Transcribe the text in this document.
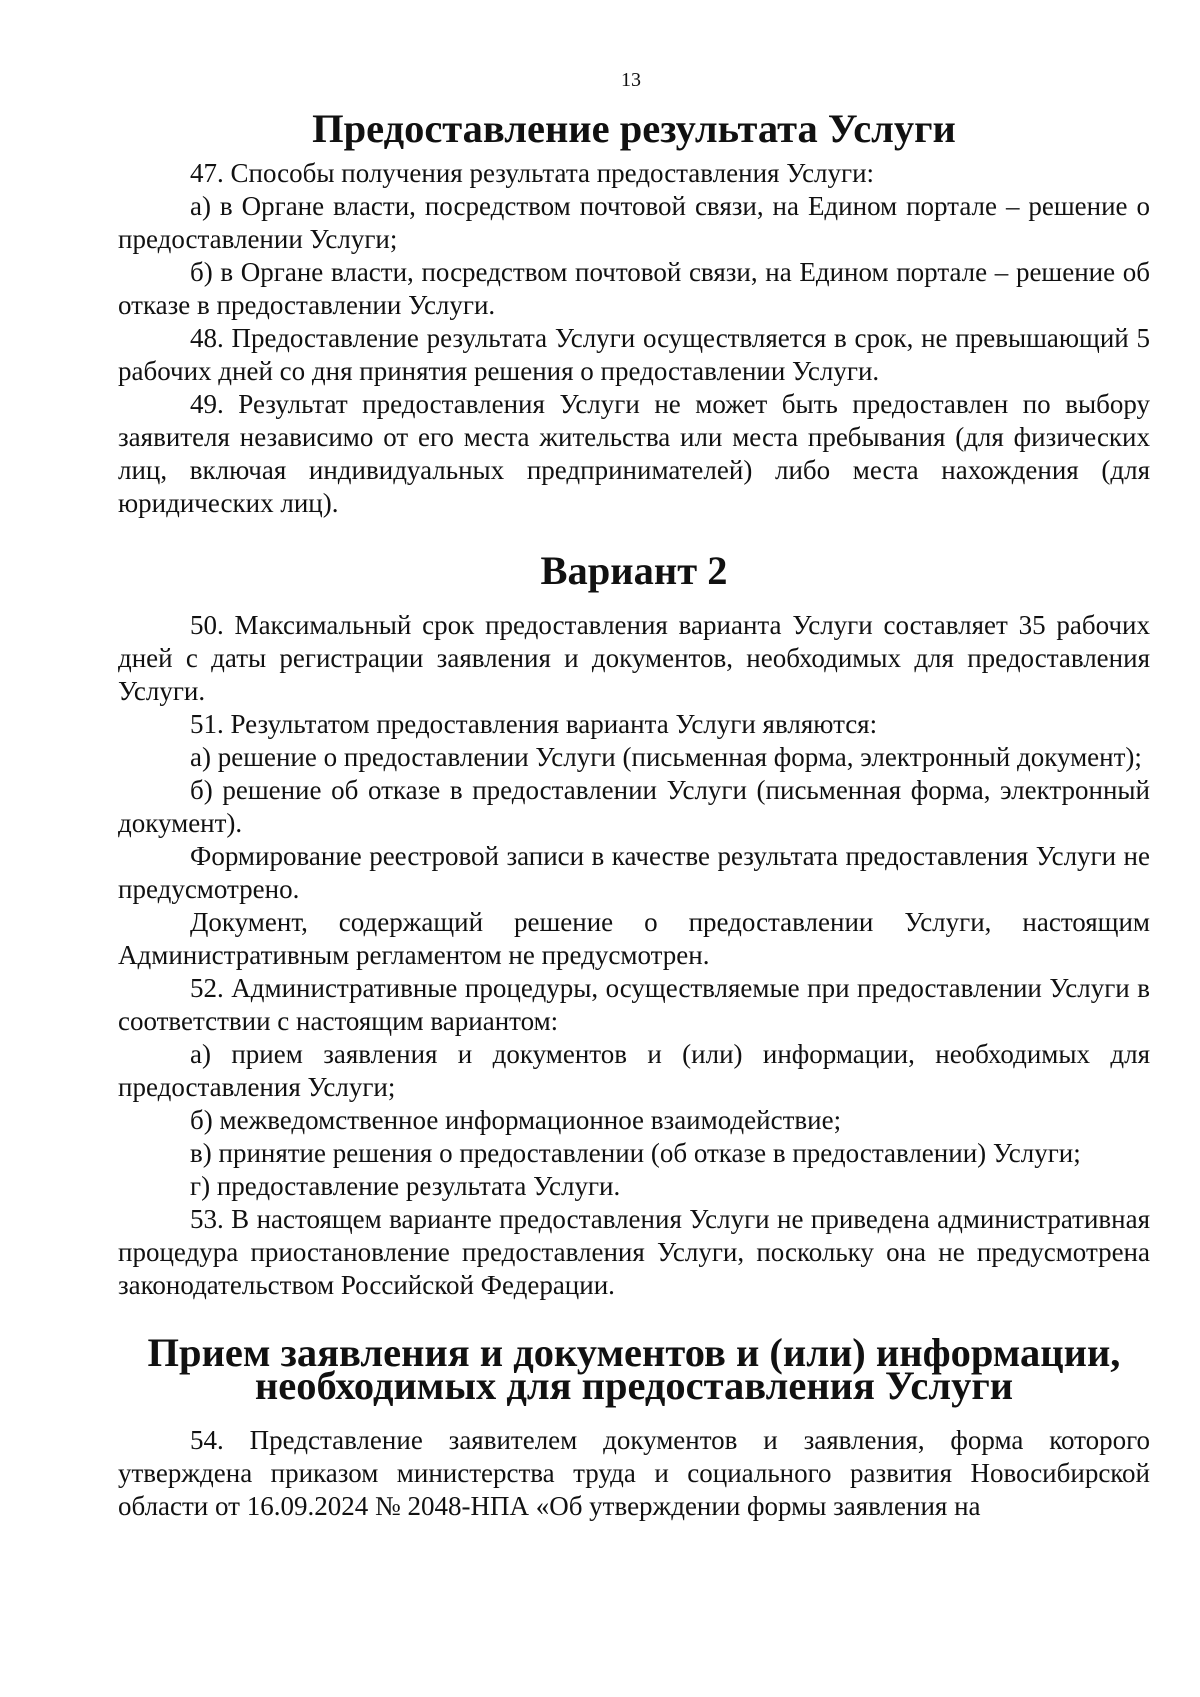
13
Предоставление результата Услуги

47. Способы получения результата предоставления Услуги:

а) в Органе власти, посредством почтовой связи, на Едином портале – решение о предоставлении Услуги;

б) в Органе власти, посредством почтовой связи, на Едином портале – решение об отказе в предоставлении Услуги.

48. Предоставление результата Услуги осуществляется в срок, не превышающий 5 рабочих дней со дня принятия решения о предоставлении Услуги.

49. Результат предоставления Услуги не может быть предоставлен по выбору заявителя независимо от его места жительства или места пребывания (для физических лиц, включая индивидуальных предпринимателей) либо места нахождения (для юридических лиц).

Вариант 2

50. Максимальный срок предоставления варианта Услуги составляет 35 рабочих дней с даты регистрации заявления и документов, необходимых для предоставления Услуги.

51. Результатом предоставления варианта Услуги являются:

а) решение о предоставлении Услуги (письменная форма, электронный документ);

б) решение об отказе в предоставлении Услуги (письменная форма, электронный документ).

Формирование реестровой записи в качестве результата предоставления Услуги не предусмотрено.

Документ, содержащий решение о предоставлении Услуги, настоящим Административным регламентом не предусмотрен.

52. Административные процедуры, осуществляемые при предоставлении Услуги в соответствии с настоящим вариантом:

а) прием заявления и документов и (или) информации, необходимых для предоставления Услуги;

б) межведомственное информационное взаимодействие;

в) принятие решения о предоставлении (об отказе в предоставлении) Услуги;

г) предоставление результата Услуги.

53. В настоящем варианте предоставления Услуги не приведена административная процедура приостановление предоставления Услуги, поскольку она не предусмотрена законодательством Российской Федерации.

Прием заявления и документов и (или) информации, необходимых для предоставления Услуги

54. Представление заявителем документов и заявления, форма которого утверждена приказом министерства труда и социального развития Новосибирской области от 16.09.2024 № 2048-НПА «Об утверждении формы заявления на
